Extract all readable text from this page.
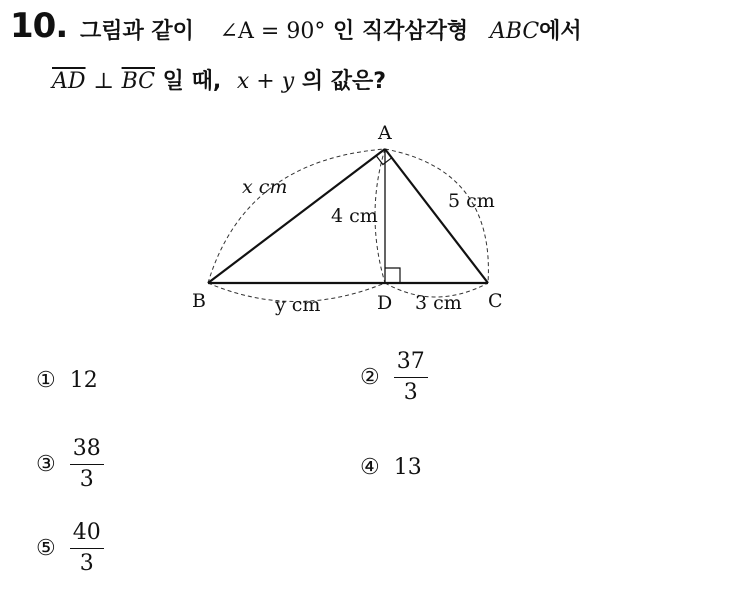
10. 그림과 같이 ∠A = 90° 인 직각삼각형 ABC에서
$\overline{AD}$ ⊥ $\overline{BC}$ 일 때, x + y 의 값은?
A
B	C
D
x cm
5 cm
4 cm
y cm	3 cm
① 12	② $\frac{37}{3}$
③ $\frac{38}{3}$	④ 13
⑤ $\frac{40}{3}$
